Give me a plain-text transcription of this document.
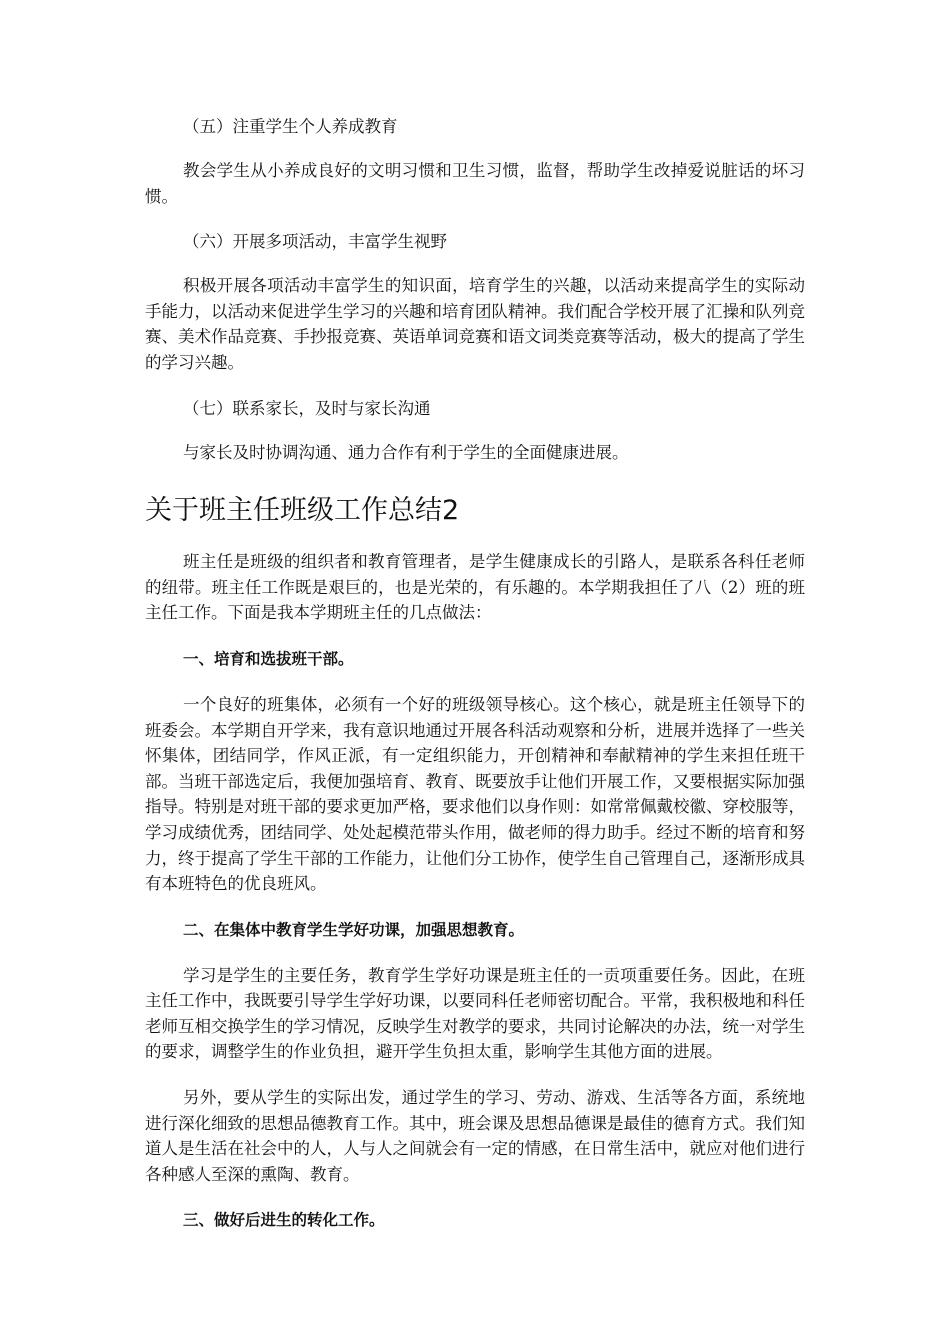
（五）注重学生个人养成教育
教会学生从小养成良好的文明习惯和卫生习惯，监督，帮助学生改掉爱说脏话的坏习惯。
（六）开展多项活动，丰富学生视野
积极开展各项活动丰富学生的知识面，培育学生的兴趣，以活动来提高学生的实际动手能力，以活动来促进学生学习的兴趣和培育团队精神。我们配合学校开展了汇操和队列竞赛、美术作品竞赛、手抄报竞赛、英语单词竞赛和语文词类竞赛等活动，极大的提高了学生的学习兴趣。
（七）联系家长，及时与家长沟通
与家长及时协调沟通、通力合作有利于学生的全面健康进展。
关于班主任班级工作总结2
班主任是班级的组织者和教育管理者，是学生健康成长的引路人，是联系各科任老师的纽带。班主任工作既是艰巨的，也是光荣的，有乐趣的。本学期我担任了八（2）班的班主任工作。下面是我本学期班主任的几点做法：
一、培育和选拔班干部。
一个良好的班集体，必须有一个好的班级领导核心。这个核心，就是班主任领导下的班委会。本学期自开学来，我有意识地通过开展各科活动观察和分析，进展并选择了一些关怀集体，团结同学，作风正派，有一定组织能力，开创精神和奉献精神的学生来担任班干部。当班干部选定后，我便加强培育、教育、既要放手让他们开展工作，又要根据实际加强指导。特别是对班干部的要求更加严格，要求他们以身作则：如常常佩戴校徽、穿校服等，学习成绩优秀，团结同学、处处起模范带头作用，做老师的得力助手。经过不断的培育和努力，终于提高了学生干部的工作能力，让他们分工协作，使学生自己管理自己，逐渐形成具有本班特色的优良班风。
二、在集体中教育学生学好功课，加强思想教育。
学习是学生的主要任务，教育学生学好功课是班主任的一贡项重要任务。因此，在班主任工作中，我既要引导学生学好功课，以要同科任老师密切配合。平常，我积极地和科任老师互相交换学生的学习情况，反映学生对教学的要求，共同讨论解决的办法，统一对学生的要求，调整学生的作业负担，避开学生负担太重，影响学生其他方面的进展。
另外，要从学生的实际出发，通过学生的学习、劳动、游戏、生活等各方面，系统地进行深化细致的思想品德教育工作。其中，班会课及思想品德课是最佳的德育方式。我们知道人是生活在社会中的人，人与人之间就会有一定的情感，在日常生活中，就应对他们进行各种感人至深的熏陶、教育。
三、做好后进生的转化工作。
